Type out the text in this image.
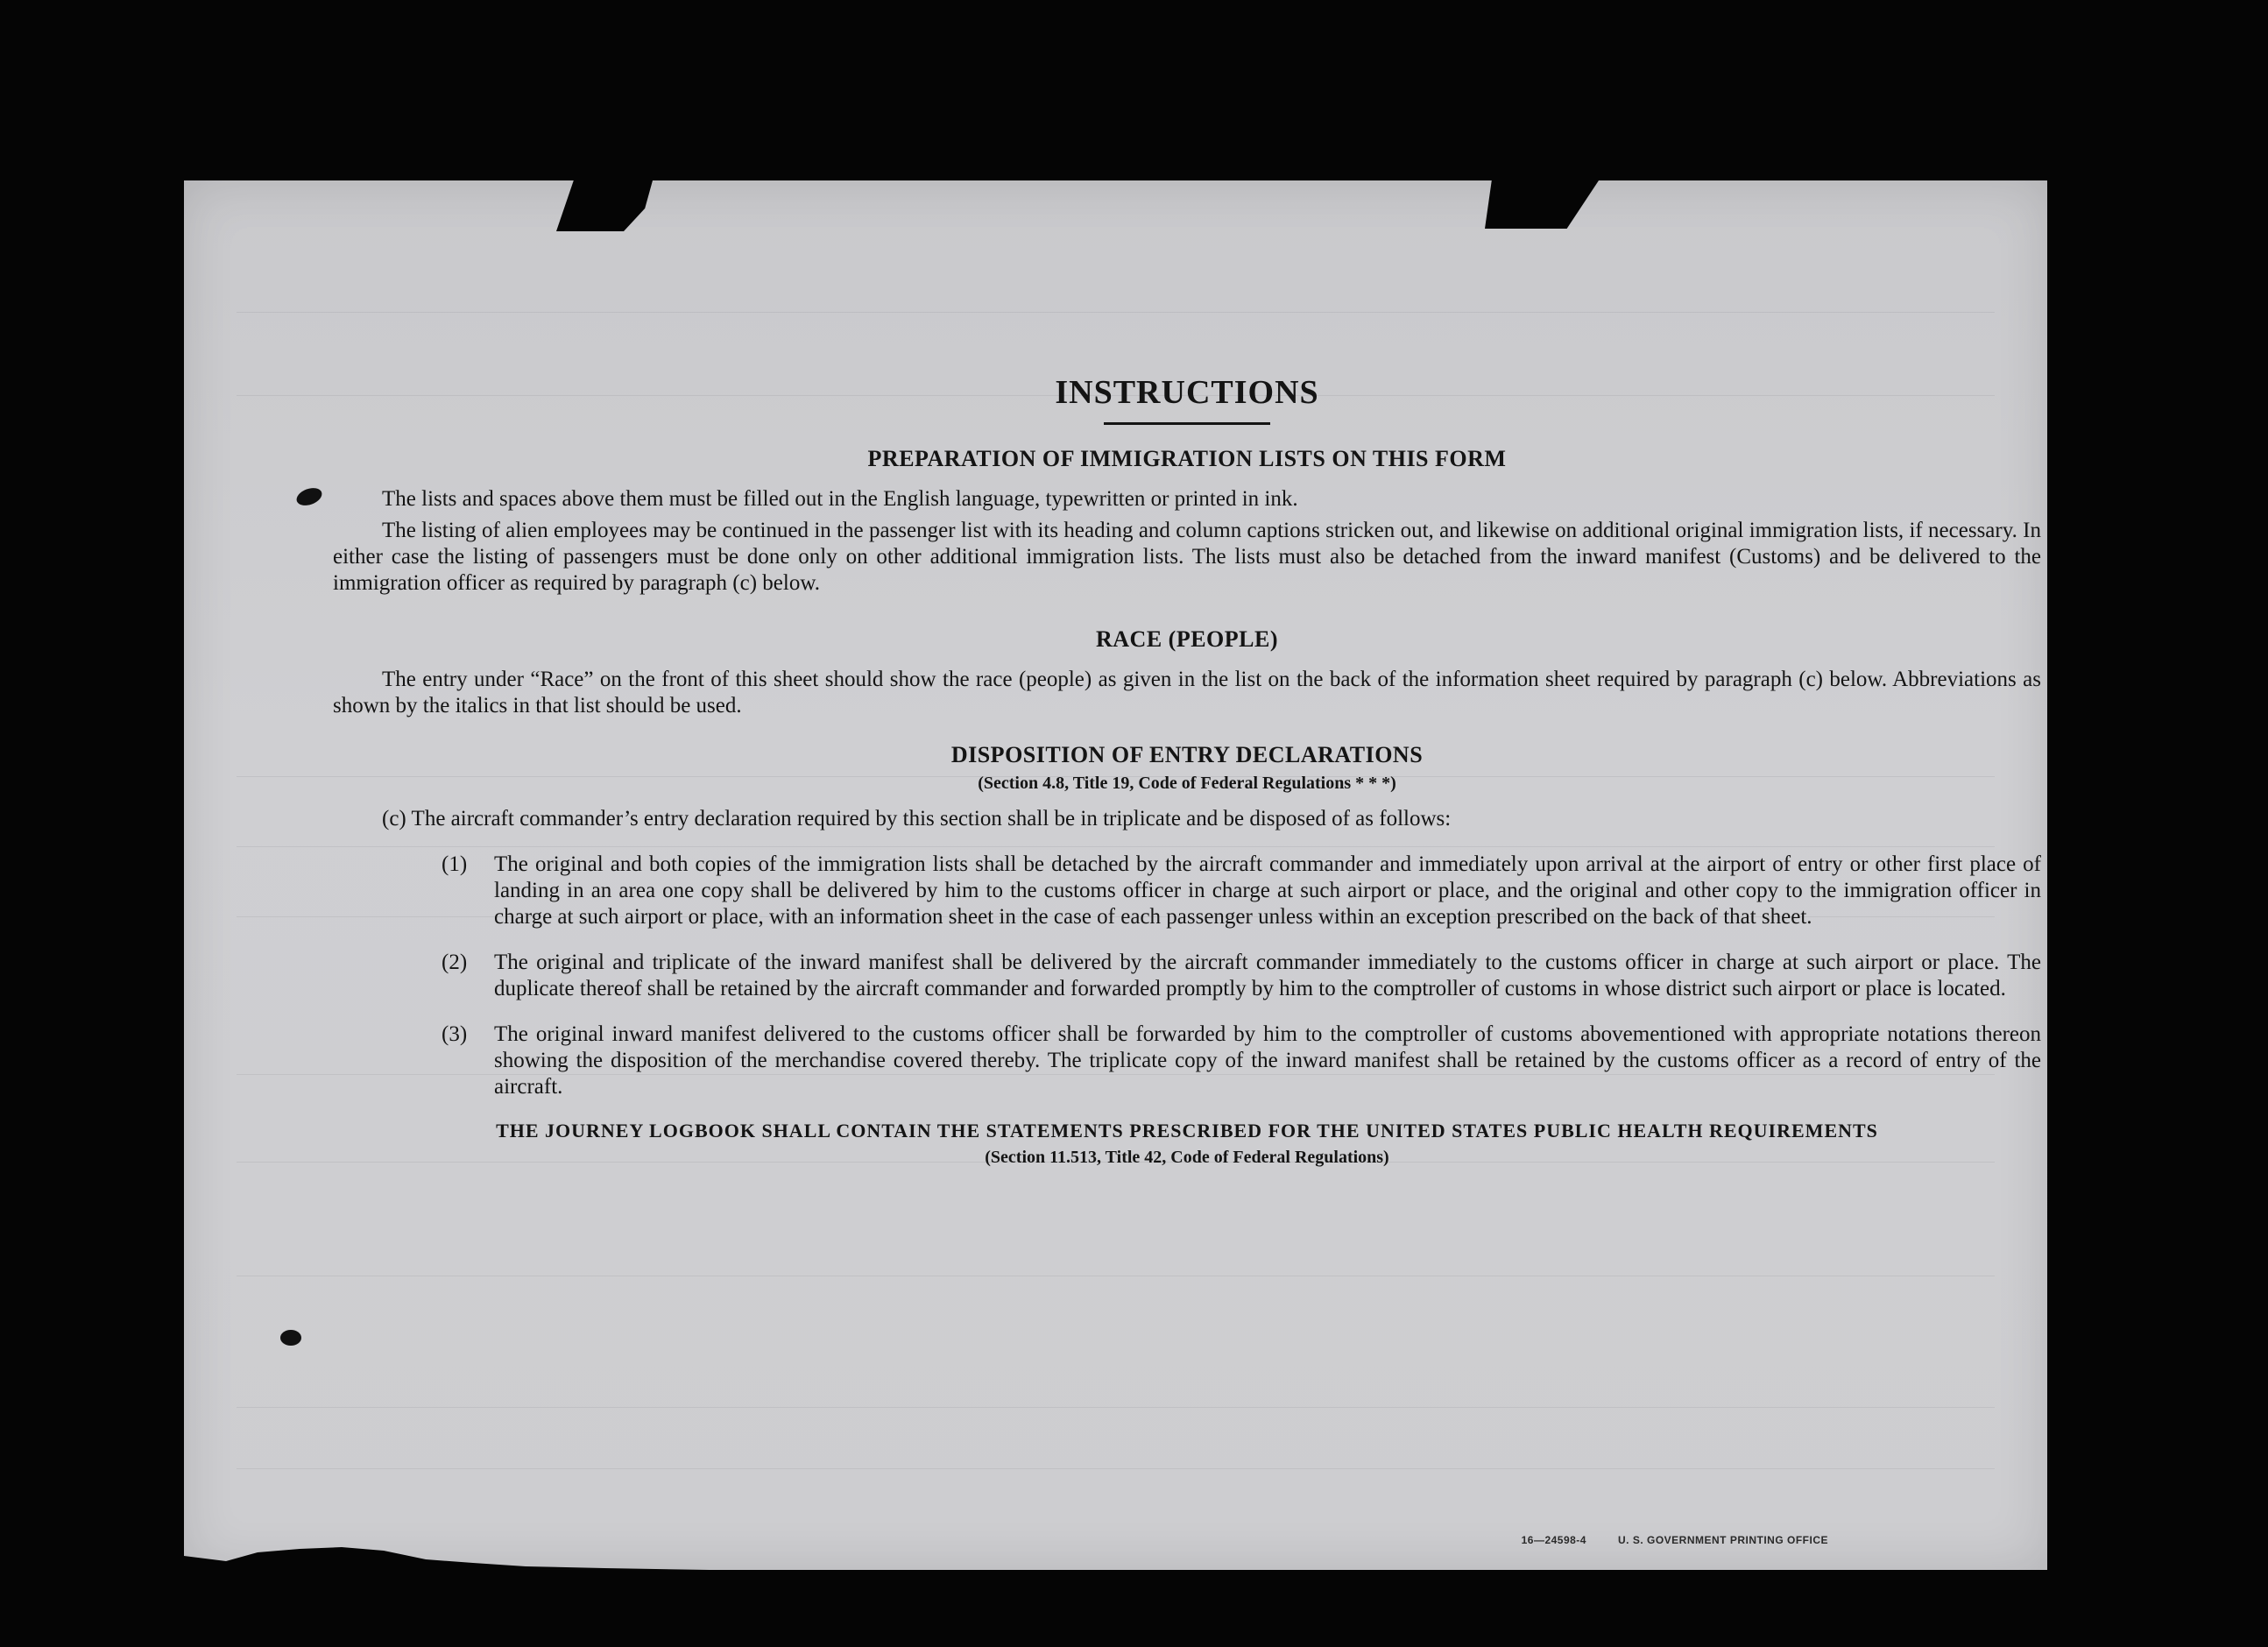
INSTRUCTIONS
PREPARATION OF IMMIGRATION LISTS ON THIS FORM

The lists and spaces above them must be filled out in the English language, typewritten or printed in ink.

The listing of alien employees may be continued in the passenger list with its heading and column captions stricken out, and likewise on additional original immigration lists, if necessary. In either case the listing of passengers must be done only on other additional immigration lists. The lists must also be detached from the inward manifest (Customs) and be delivered to the immigration officer as required by paragraph (c) below.

RACE (PEOPLE)

The entry under “Race” on the front of this sheet should show the race (people) as given in the list on the back of the information sheet required by paragraph (c) below. Abbreviations as shown by the italics in that list should be used.

DISPOSITION OF ENTRY DECLARATIONS
(Section 4.8, Title 19, Code of Federal Regulations * * *)

(c) The aircraft commander’s entry declaration required by this section shall be in triplicate and be disposed of as follows:

(1) The original and both copies of the immigration lists shall be detached by the aircraft commander and immediately upon arrival at the airport of entry or other first place of landing in an area one copy shall be delivered by him to the customs officer in charge at such airport or place, and the original and other copy to the immigration officer in charge at such airport or place, with an information sheet in the case of each passenger unless within an exception prescribed on the back of that sheet.
(2) The original and triplicate of the inward manifest shall be delivered by the aircraft commander immediately to the customs officer in charge at such airport or place. The duplicate thereof shall be retained by the aircraft commander and forwarded promptly by him to the comptroller of customs in whose district such airport or place is located.
(3) The original inward manifest delivered to the customs officer shall be forwarded by him to the comptroller of customs abovementioned with appropriate notations thereon showing the disposition of the merchandise covered thereby. The triplicate copy of the inward manifest shall be retained by the customs officer as a record of entry of the aircraft.
THE JOURNEY LOGBOOK SHALL CONTAIN THE STATEMENTS PRESCRIBED FOR THE UNITED STATES PUBLIC HEALTH REQUIREMENTS
(Section 11.513, Title 42, Code of Federal Regulations)
16—24598-4	U. S. GOVERNMENT PRINTING OFFICE
